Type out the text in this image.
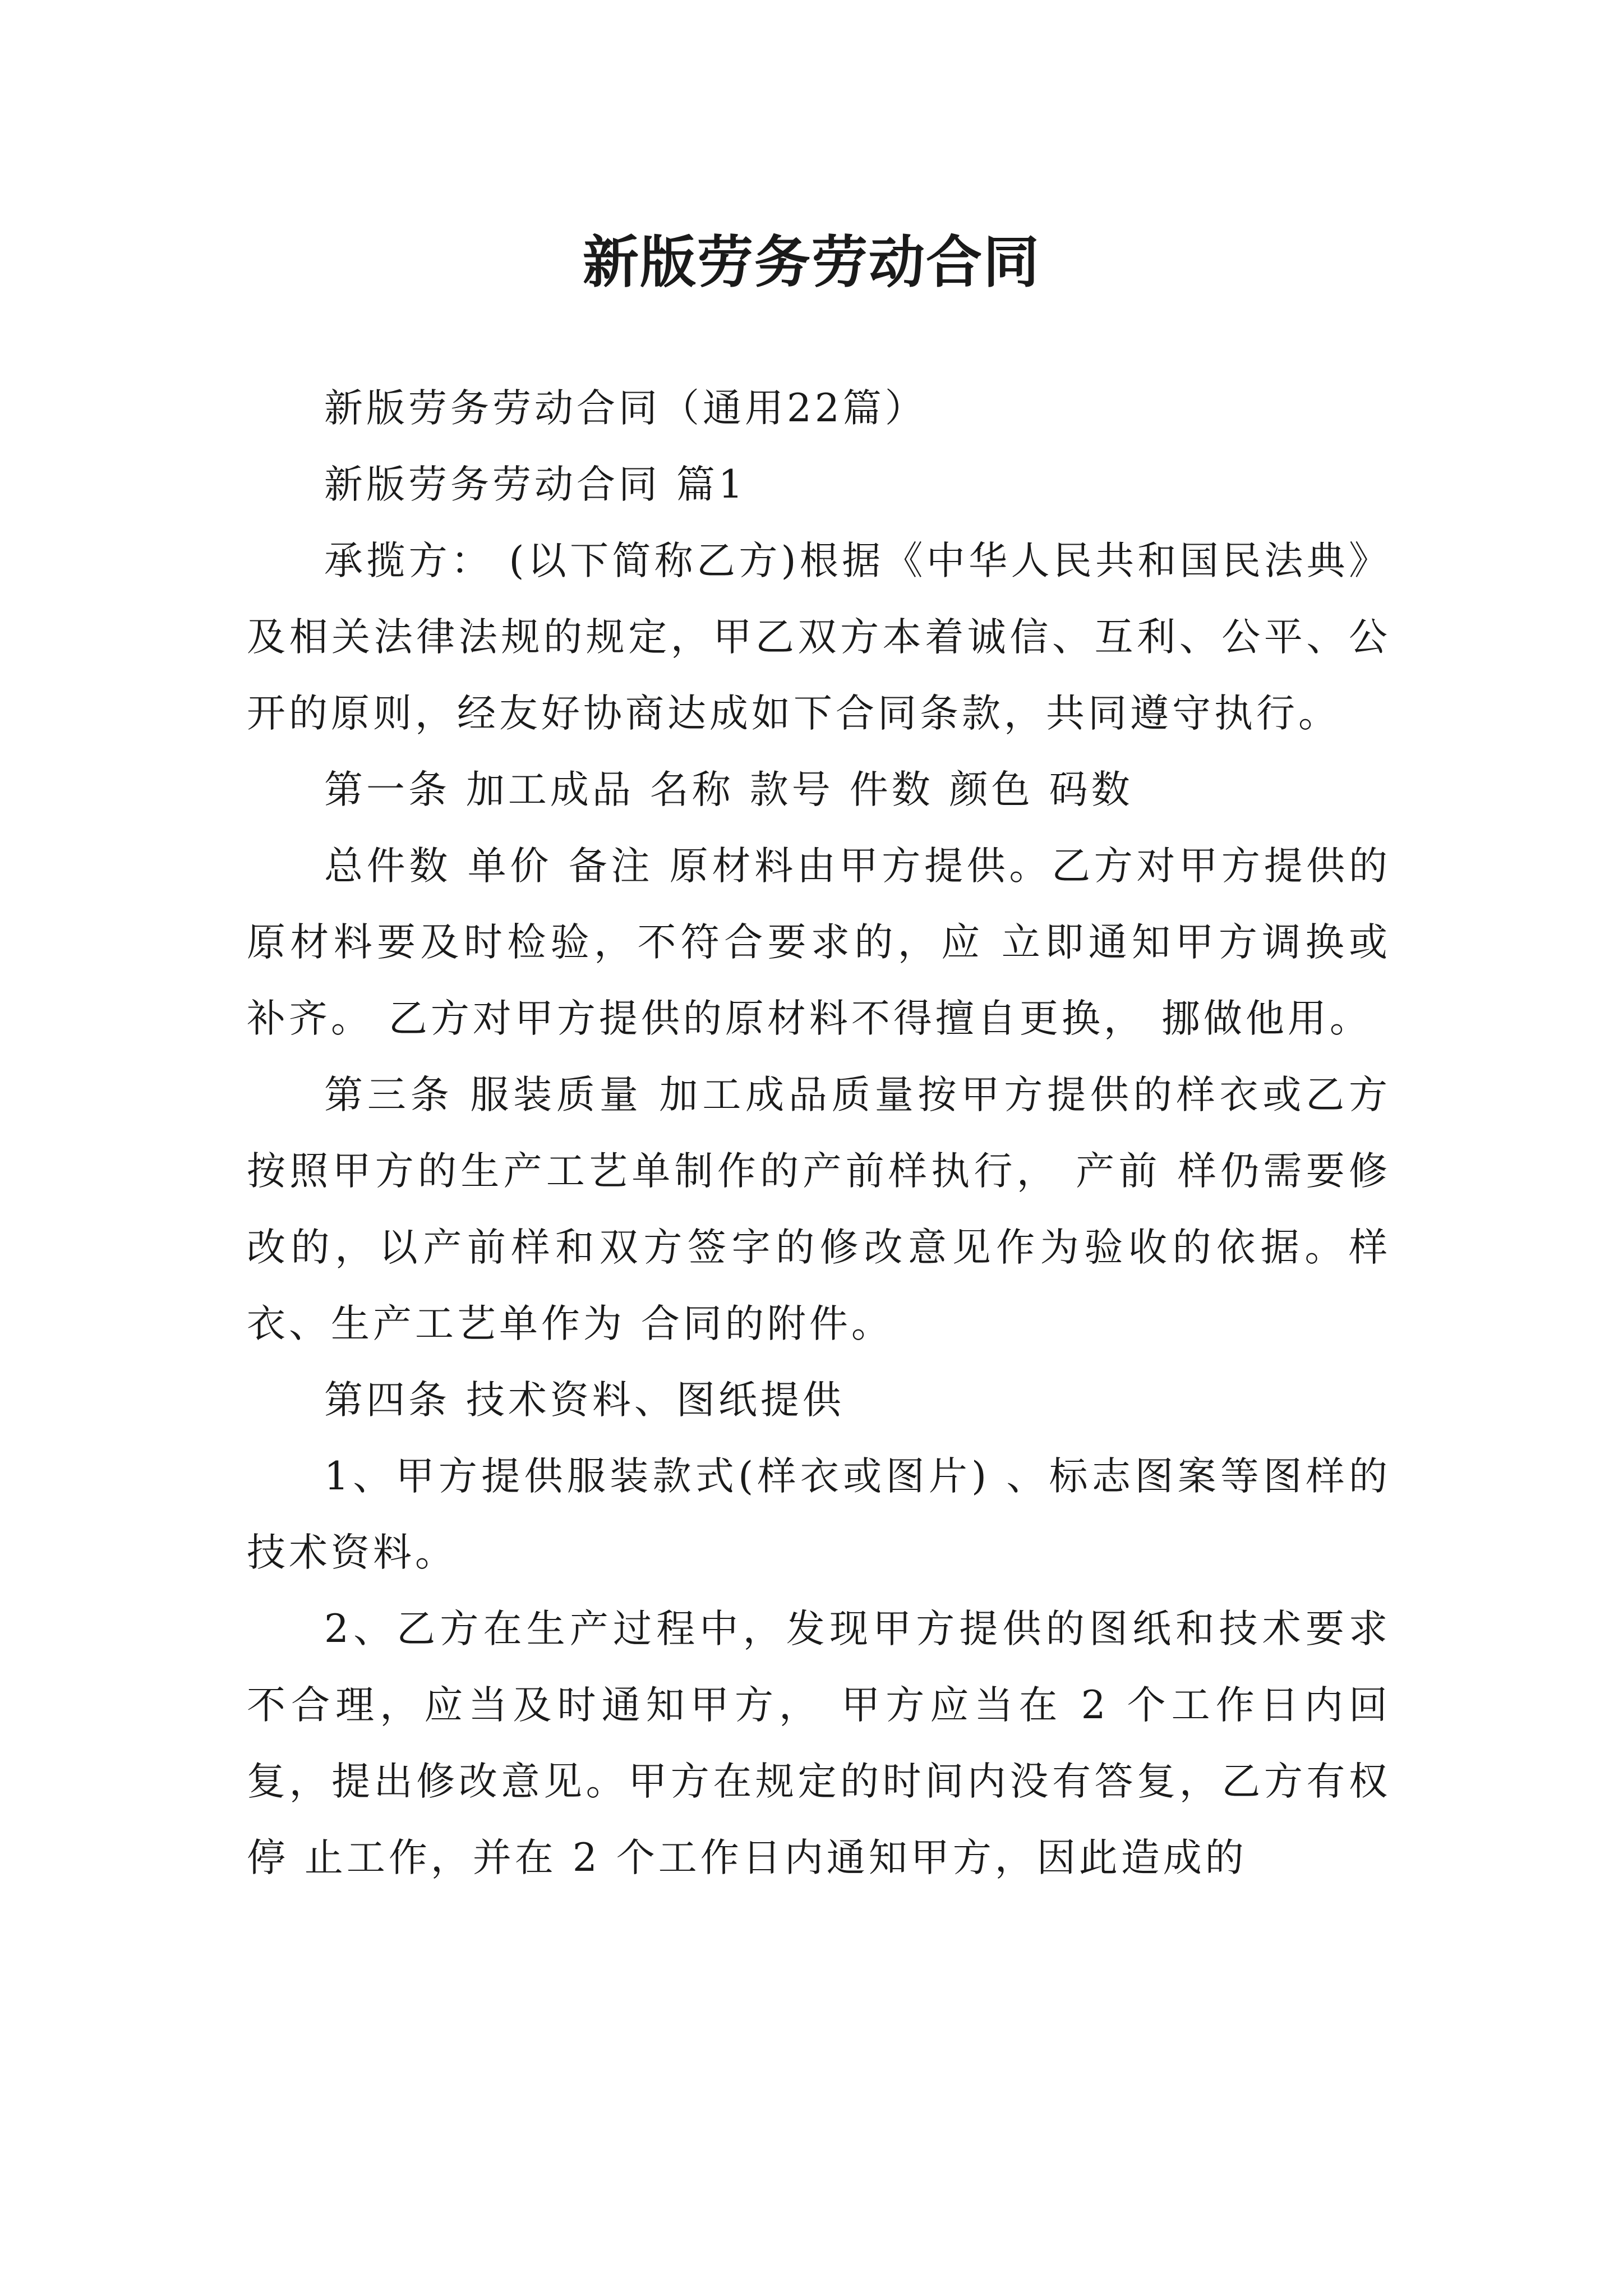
新版劳务劳动合同

新版劳务劳动合同（通用22篇）

新版劳务劳动合同 篇1

承揽方： (以下简称乙方)根据《中华人民共和国民法典》及相关法律法规的规定，甲乙双方本着诚信、互利、公平、公开的原则，经友好协商达成如下合同条款，共同遵守执行。

第一条 加工成品 名称 款号 件数 颜色 码数

总件数 单价 备注 原材料由甲方提供。乙方对甲方提供的原材料要及时检验，不符合要求的，应 立即通知甲方调换或补齐。 乙方对甲方提供的原材料不得擅自更换， 挪做他用。

第三条 服装质量 加工成品质量按甲方提供的样衣或乙方按照甲方的生产工艺单制作的产前样执行， 产前 样仍需要修改的，以产前样和双方签字的修改意见作为验收的依据。样衣、生产工艺单作为 合同的附件。

第四条 技术资料、图纸提供

1、甲方提供服装款式(样衣或图片) 、标志图案等图样的技术资料。

2、乙方在生产过程中，发现甲方提供的图纸和技术要求不合理，应当及时通知甲方， 甲方应当在 2 个工作日内回复，提出修改意见。甲方在规定的时间内没有答复，乙方有权停 止工作，并在 2 个工作日内通知甲方，因此造成的
